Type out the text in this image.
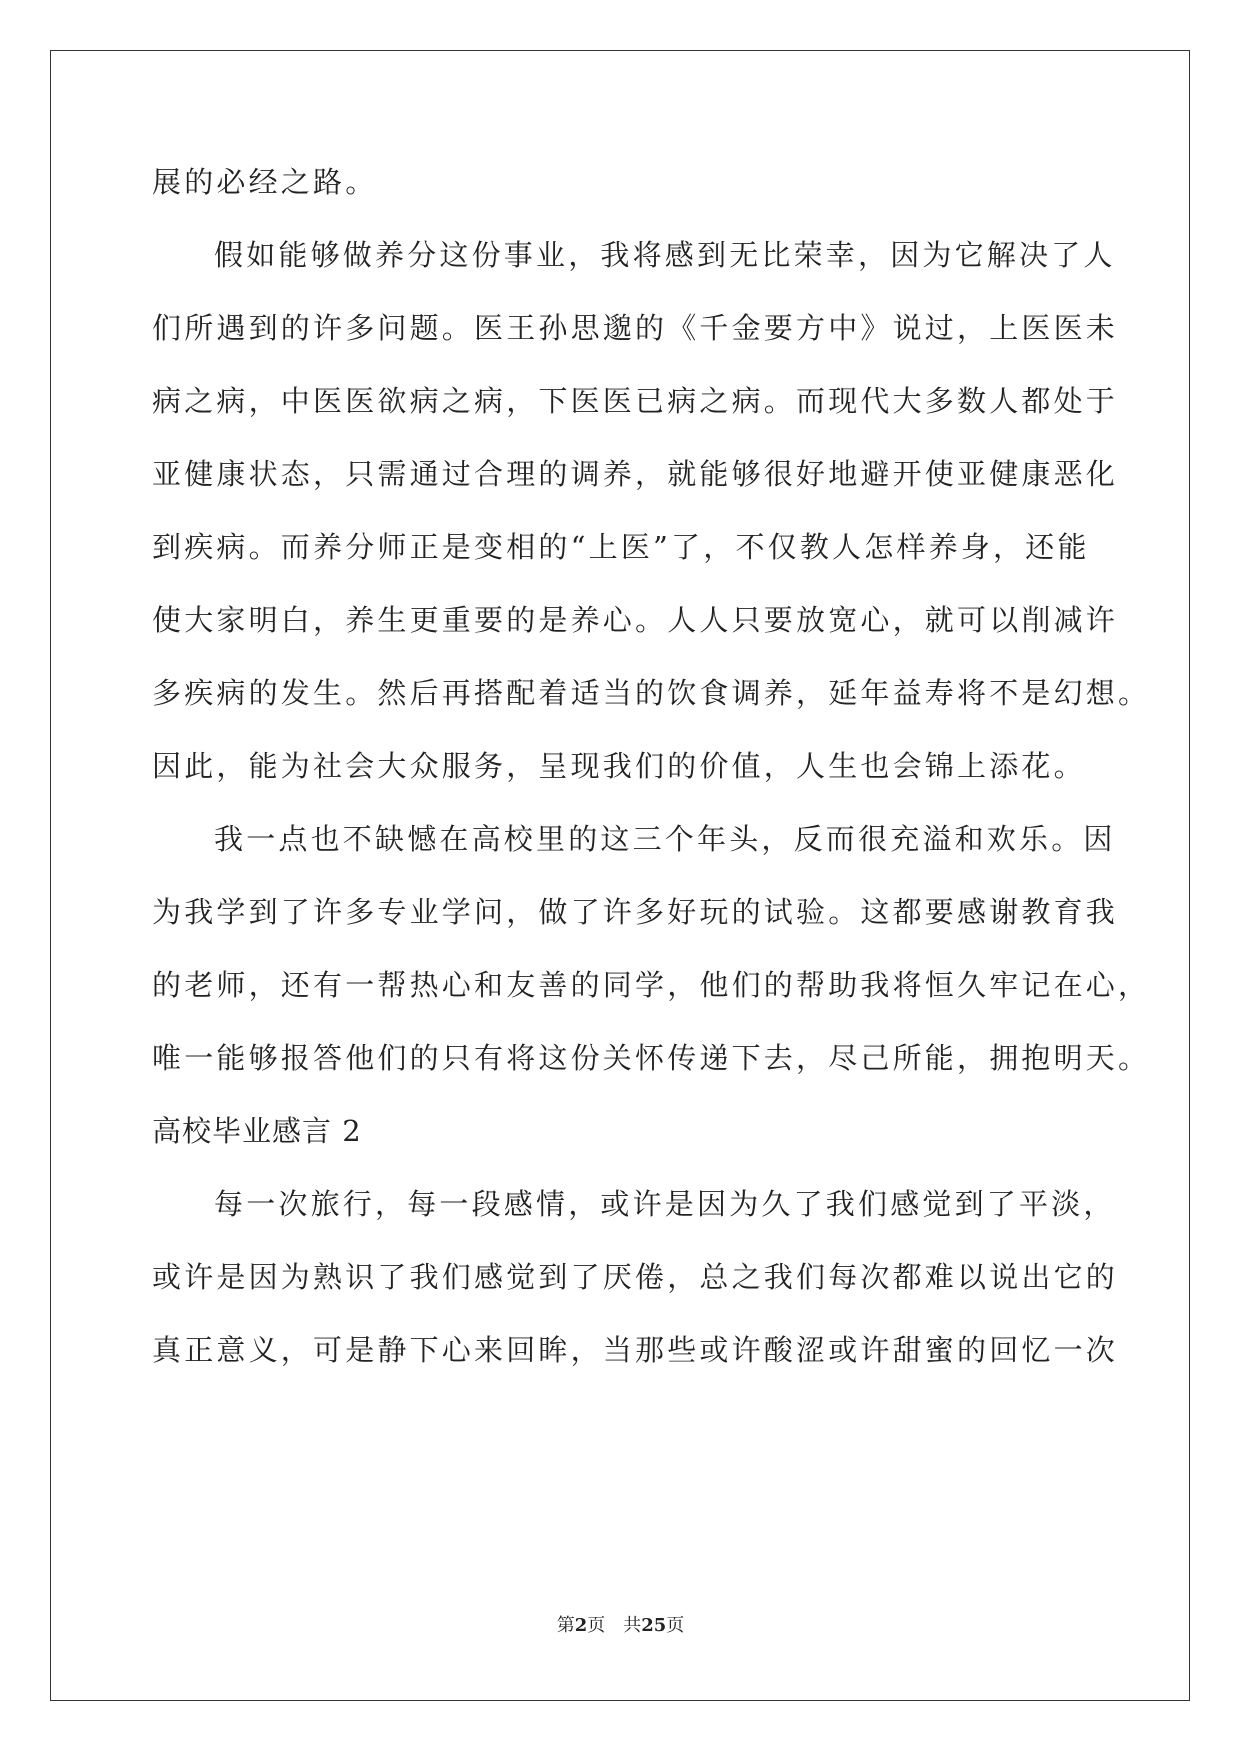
展的必经之路。
假如能够做养分这份事业，我将感到无比荣幸，因为它解决了人
们所遇到的许多问题。医王孙思邈的《千金要方中》说过，上医医未
病之病，中医医欲病之病，下医医已病之病。而现代大多数人都处于
亚健康状态，只需通过合理的调养，就能够很好地避开使亚健康恶化
到疾病。而养分师正是变相的“上医”了，不仅教人怎样养身，还能
使大家明白，养生更重要的是养心。人人只要放宽心，就可以削减许
多疾病的发生。然后再搭配着适当的饮食调养，延年益寿将不是幻想。
因此，能为社会大众服务，呈现我们的价值，人生也会锦上添花。
我一点也不缺憾在高校里的这三个年头，反而很充溢和欢乐。因
为我学到了许多专业学问，做了许多好玩的试验。这都要感谢教育我
的老师，还有一帮热心和友善的同学，他们的帮助我将恒久牢记在心，
唯一能够报答他们的只有将这份关怀传递下去，尽己所能，拥抱明天。
高校毕业感言 2
每一次旅行，每一段感情，或许是因为久了我们感觉到了平淡，
或许是因为熟识了我们感觉到了厌倦，总之我们每次都难以说出它的
真正意义，可是静下心来回眸，当那些或许酸涩或许甜蜜的回忆一次
第2页 共25页
